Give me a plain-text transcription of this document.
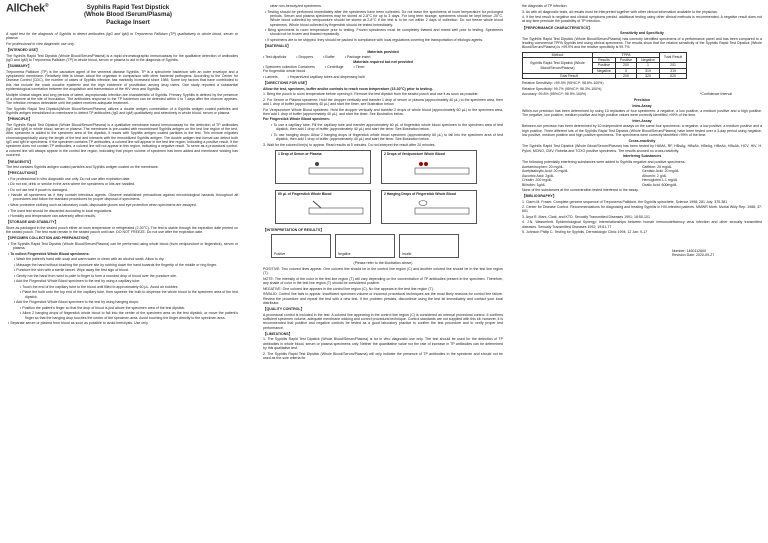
AllChek®	Syphilis Rapid Test Dipstick
(Whole Blood /Serum/Plasma)
Package Insert

A rapid test for the diagnosis of Syphilis to detect antibodies (IgG and IgM) to Treponema Pallidum (TP) qualitatively in whole blood, serum or plasma.

For professional in vitro diagnostic use only.

【INTENDED USE】

The Syphilis Rapid Test Dipstick (Whole Blood/Serum/Plasma) is a rapid chromatographic immunoassay for the qualitative detection of antibodies (IgG and IgM) to Treponema Pallidum (TP) in whole blood, serum or plasma to aid in the diagnosis of Syphilis.

【SUMMARY】

Treponema Pallidum (TP) is the causative agent of the venereal disease Syphilis. TP is a spirochete bacterium with an outer envelope and a cytoplasmic membrane. Relatively little is known about the organism in comparison with other bacterial pathogens. According to the Center for Disease Control (CDC), the number of cases of Syphilis infection has markedly increased since 1985. Some key factors that have contributed to this rise include the crack cocaine epidemic and the high incidence of prostitution among drug users. One study reported a substantial epidemiological correlation between the acquisition and transmission of the HIV virus and Syphilis.

Multiple clinical stages and long periods of latent, asymptomatic infection are characteristic of Syphilis. Primary Syphilis is defined by the presence of a chancre at the site of inoculation. The antibodies response to the TP bacterium can be detected within 4 to 7 days after the chancre appears. The infection remains detectable until the patient receives adequate treatment.

The Syphilis Rapid Test Dipstick(Whole Blood/Serum/Plasma) utilizes a double antigen combination of a Syphilis antigen coated particles and Syphilis antigen immobilized on membrane to detect TP antibodies (IgG and IgM) qualitatively and selectively in whole blood, serum or plasma.

【PRINCIPLE】

The Syphilis Rapid Test Dipstick (Whole Blood/Serum/Plasma) is a qualitative membrane based immunoassay for the detection of TP antibodies (IgG and IgM) in whole blood, serum or plasma. The membrane is pre-coated with recombinant Syphilis antigen on the test line region of the test. After specimen is added to the specimen area of the dipstick, it reacts with Syphilis antigen coated particles in the test. This mixture migrates chromatographically along the length of the test and interacts with the immobilized Syphilis antigen. The double antigen test format can detect both IgG and IgM in specimens. If the specimen contains TP antibodies, a colored line will appear in the test line region, indicating a positive result. If the specimen does not contain TP antibodies, a colored line will not appear in this region, indicating a negative result. To serve as a procedural control, a colored line will always appear in the control line region, indicating that proper volume of specimen has been added and membrane wicking has occurred.

【REAGENTS】

The test contains Syphilis antigen coated particles and Syphilis antigen coated on the membrane.

【PRECAUTIONS】

• For professional in vitro diagnostic use only. Do not use after expiration date.

• Do not eat, drink or smoke in the area where the specimens or kits are handled.

• Do not use test if pouch is damaged.

• Handle all specimens as if they contain infectious agents. Observe established precautions against microbiological hazards throughout all procedures and follow the standard procedures for proper disposal of specimens.

• Wear protective clothing such as laboratory coats, disposable gloves and eye protection when specimens are assayed.

• The used test should be discarded according to local regulations.

• Humidity and temperature can adversely affect results.

【STORAGE AND STABILITY】

Store as packaged in the sealed pouch either at room temperature or refrigerated (2-30°C). The test is stable through the expiration date printed on the sealed pouch. The test must remain in the sealed pouch until use. DO NOT FREEZE. Do not use after the expiration date.

【SPECIMEN COLLECTION AND PREPARATION】

• The Syphilis Rapid Test Dipstick (Whole Blood/Serum/Plasma) can be performed using whole blood (from venipuncture or fingerstick), serum or plasma.

• To collect Fingerstick Whole Blood specimens:

• Wash the patient's hand with soap and warm water or clean with an alcohol swab. Allow to dry.

• Massage the hand without touching the puncture site by rubbing down the hand towards the fingertip of the middle or ring finger.

• Puncture the skin with a sterile lancet. Wipe away the first sign of blood.

• Gently rub the hand from wrist to palm to finger to form a rounded drop of blood over the puncture site.

• Add the Fingerstick Whole Blood specimen to the test by using a capillary tube:

• Touch the end of the capillary tube to the blood until filled to approximately 60 µL. Avoid air bubbles.

• Place the bulb onto the top end of the capillary tube, then squeeze the bulb to dispense the whole blood to the specimen area of the test dipstick.

• Add the Fingerstick Whole Blood specimen to the test by using hanging drops:

• Position the patient's finger so that the drop of blood is just above the specimen area of the test dipstick.

• Allow 2 hanging drops of fingerstick whole blood to fall into the center of the specimen area on the test dipstick, or move the patient's finger so that the hanging drop touches the center of the specimen area. Avoid touching the finger directly to the specimen area.

• Separate serum or plasma from blood as soon as possible to avoid hemolysis. Use only

clear non-hemolyzed specimens.

• Testing should be performed immediately after the specimens have been collected. Do not leave the specimens at room temperature for prolonged periods. Serum and plasma specimens may be stored at 2-8°C for up to 3 days. For long term storage, specimens should be kept below -20°C. Whole blood collected by venipuncture should be stored at 2-8°C if the test is to be run within 2 days of collection. Do not freeze whole blood specimens. Whole blood collected by fingerstick should be tested immediately.

• Bring specimens to room temperature prior to testing. Frozen specimens must be completely thawed and mixed well prior to testing. Specimens should not be frozen and thawed repeatedly.

• If specimens are to be shipped, they should be packed in compliance with local regulations covering the transportation of etiologic agents.

【MATERIALS】

Materials provided

• Test dipsticks	• Droppers	• Buffer	• Package insert

Materials required but not provided

• Specimen collection Containers	• Centrifuge	• Timer

For fingerstick whole blood

• Lancets	• Heparinized capillary tubes and dispensing bulb
【DIRECTIONS FOR USE】

Allow the test, specimen, buffer and/or controls to reach room temperature (15-30°C) prior to testing.

1. Bring the pouch to room temperature before opening it. Remove the test dipstick from the sealed pouch and use it as soon as possible.

2. For Serum or Plasma specimen: Hold the dropper vertically and transfer 1 drop of serum or plasma (approximately 40 µL) to the specimen area, then add 1 drop of buffer (approximately 40 µL) and start the timer, see illustration below.

For Venipuncture Whole Blood specimen: Hold the dropper vertically and transfer 2 drops of whole blood (approximately 60 µL) to the specimen area, then add 1 drop of buffer (approximately 40 µL), and start the timer. See illustration below.

For Fingerstick Whole Blood specimen:

• To use a capillary tube: Fill the capillary tube and transfer approximately 60 µL of fingerstick whole blood specimen to the specimen area of test dipstick, then add 1 drop of buffer (approximately 40 µL) and start the timer. See illustration below.

• To use hanging drops: Allow 2 hanging drops of fingerstick whole blood specimen (approximately 60 µL) to fall into the specimen area of test dipstick, then add 1 drop of buffer (approximately 40 µL) and start the timer. See illustration below.

3. Wait for the colored line(s) to appear. Read results at 5 minutes. Do not interpret the result after 20 minutes.

1 Drop of Serum or Plasma	2 Drops of Venipuncture Whole Blood
60 µL of Fingerstick Whole Blood	2 Hanging Drops of Fingerstick Whole Blood
【INTERPRETATION OF RESULTS】
Positive	Negative	Invalid

(Please refer to the illustration above)

POSITIVE: Two colored lines appear. One colored line should be in the control line region (C) and another colored line should be in the test line region (T).

NOTE: The intensity of the color in the test line region (T) will vary depending on the concentration of TP antibodies present in the specimen. Therefore, any shade of color in the test line region (T) should be considered positive.

NEGATIVE: One colored line appears in the control line region (C). No line appears in the test line region (T).

INVALID: Control line fails to appear. Insufficient specimen volume or incorrect procedural techniques are the most likely reasons for control line failure. Review the procedure and repeat the test with a new test. If the problem persists, discontinue using the test kit immediately and contact your local distributor.

【QUALITY CONTROL】

A procedural control is included in the test. A colored line appearing in the control line region (C) is considered an internal procedural control. It confirms sufficient specimen volume, adequate membrane wicking and correct procedural technique. Control standards are not supplied with this kit; however, it is recommended that positive and negative controls be tested as a good laboratory practice to confirm the test procedure and to verify proper test performance.

【LIMITATIONS】

1. The Syphilis Rapid Test Dipstick (Whole Blood/Serum/Plasma) is for in vitro diagnostic use only. The test should be used for the detection of TP antibodies in whole blood, serum or plasma specimens only. Neither the quantitative value nor the rate of increase in TP antibodies can be determined by this qualitative test.

2. The Syphilis Rapid Test Dipstick (Whole Blood/Serum/Plasma) will only indicate the presence of TP antibodies in the specimen and should not be used as the sole criteria for

the diagnosis of TP infection.

3. As with all diagnostic tests, all results must be interpreted together with other clinical information available to the physician.

4. If the test result is negative and clinical symptoms persist, additional testing using other clinical methods is recommended. A negative result does not at any time preclude the possibility of TP infection.

【PERFORMANCE CHARACTERISTICS】

Sensitivity and Specificity

The Syphilis Rapid Test Dipstick (Whole Blood/Serum/Plasma) has correctly identified specimens of a performance panel and has been compared to a leading commercial TPPA Syphilis test using clinical specimens. The results show that the relative sensitivity of the Syphilis Rapid Test Dipstick (Whole Blood/Serum/Plasma) is >99.9% and the relative specificity is 99.7%.

Method	TPPA			Total Result
Syphilis Rapid Test Dipstick (Whole Blood/Serum/Plasma)	Results	Positive	Negative	
	Positive	200	1	201
	Negative	0	319	319
Total Result		200	320	520

Relative Sensitivity: >99.9% (95%CI*: 98.6%-100%)

Relative Specificity: 99.7% (95%CI*: 98.3%-100%)

Accuracy: 99.8% (95%CI*: 98.9%-100%)	*Confidence Interval

Precision

Intra-Assay

Within-run precision has been determined by using 10 replicates of four specimens: a negative, a low positive, a medium positive and a high positive. The negative, low positive, medium positive and high positive values were correctly identified >99% of the time.

Inter-Assay

Between-run precision has been determined by 10 independent assays on the same four specimens: a negative, a low positive, a medium positive and a high positive. Three different lots of the Syphilis Rapid Test Dipstick (Whole Blood/Serum/Plasma) have been tested over a 3-day period using negative, low positive, medium positive and high positive specimens. The specimens were correctly identified >99% of the time.

Cross-reactivity

The Syphilis Rapid Test Dipstick (Whole Blood/Serum/Plasma) has been tested by HAMA, RF, HBsAg, HBsAb, HBeAg, HBeAb, HBcAb, HCV, HIV, H. Pylori, MONO, CMV, Rubella and TOXO positive specimens. The results showed no cross-reactivity.

Interfering Substances

The following potentially interfering substances were added to Syphilis negative and positive specimens.

Acetaminophen: 20 mg/dL	Caffeine: 20 mg/dL
Acetylsalicylic Acid: 20 mg/dL	Gentisic Acid: 20 mg/dL
Ascorbic Acid: 2g/dL	Albumin: 2 g/dL
Creatin: 200 mg/dL	Hemoglobin 1.1 mg/dL
Bilirubin: 1g/dL	Oxalic Acid: 600mg/dL

None of the substances at the concentration tested interfered in the assay.

【BIBLIOGRAPHY】

1. Clarm M. Fraser. Complete genome sequence of Treponema Pallidum, the Syphilis spirochete, Science 1998; 281 July: 375-381

2. Center for Disease Control. Recommendations for diagnosing and treating Syphilis in HIV-infected patients. MMWR Morb. Mortal Wkly Rep. 1988; 37: 601

3. Arya R. Mars. Clark, and KTD. Sexually Transmitted Diseases 1991; 18:50-101

4. J.N. Wasserheit. Epidemiological Synergy: Interrelationships between human immunodeficiency virus infection and other sexually transmitted diseases. Sexually Transmitted Diseases 1992; 19:61-77

5. Johnson Philip C. Testing for Syphilis. Dermatologic Clinic 1994; 12 Jan: 9-17

Number: 1460112600
Revision Date: 2020-09-27
